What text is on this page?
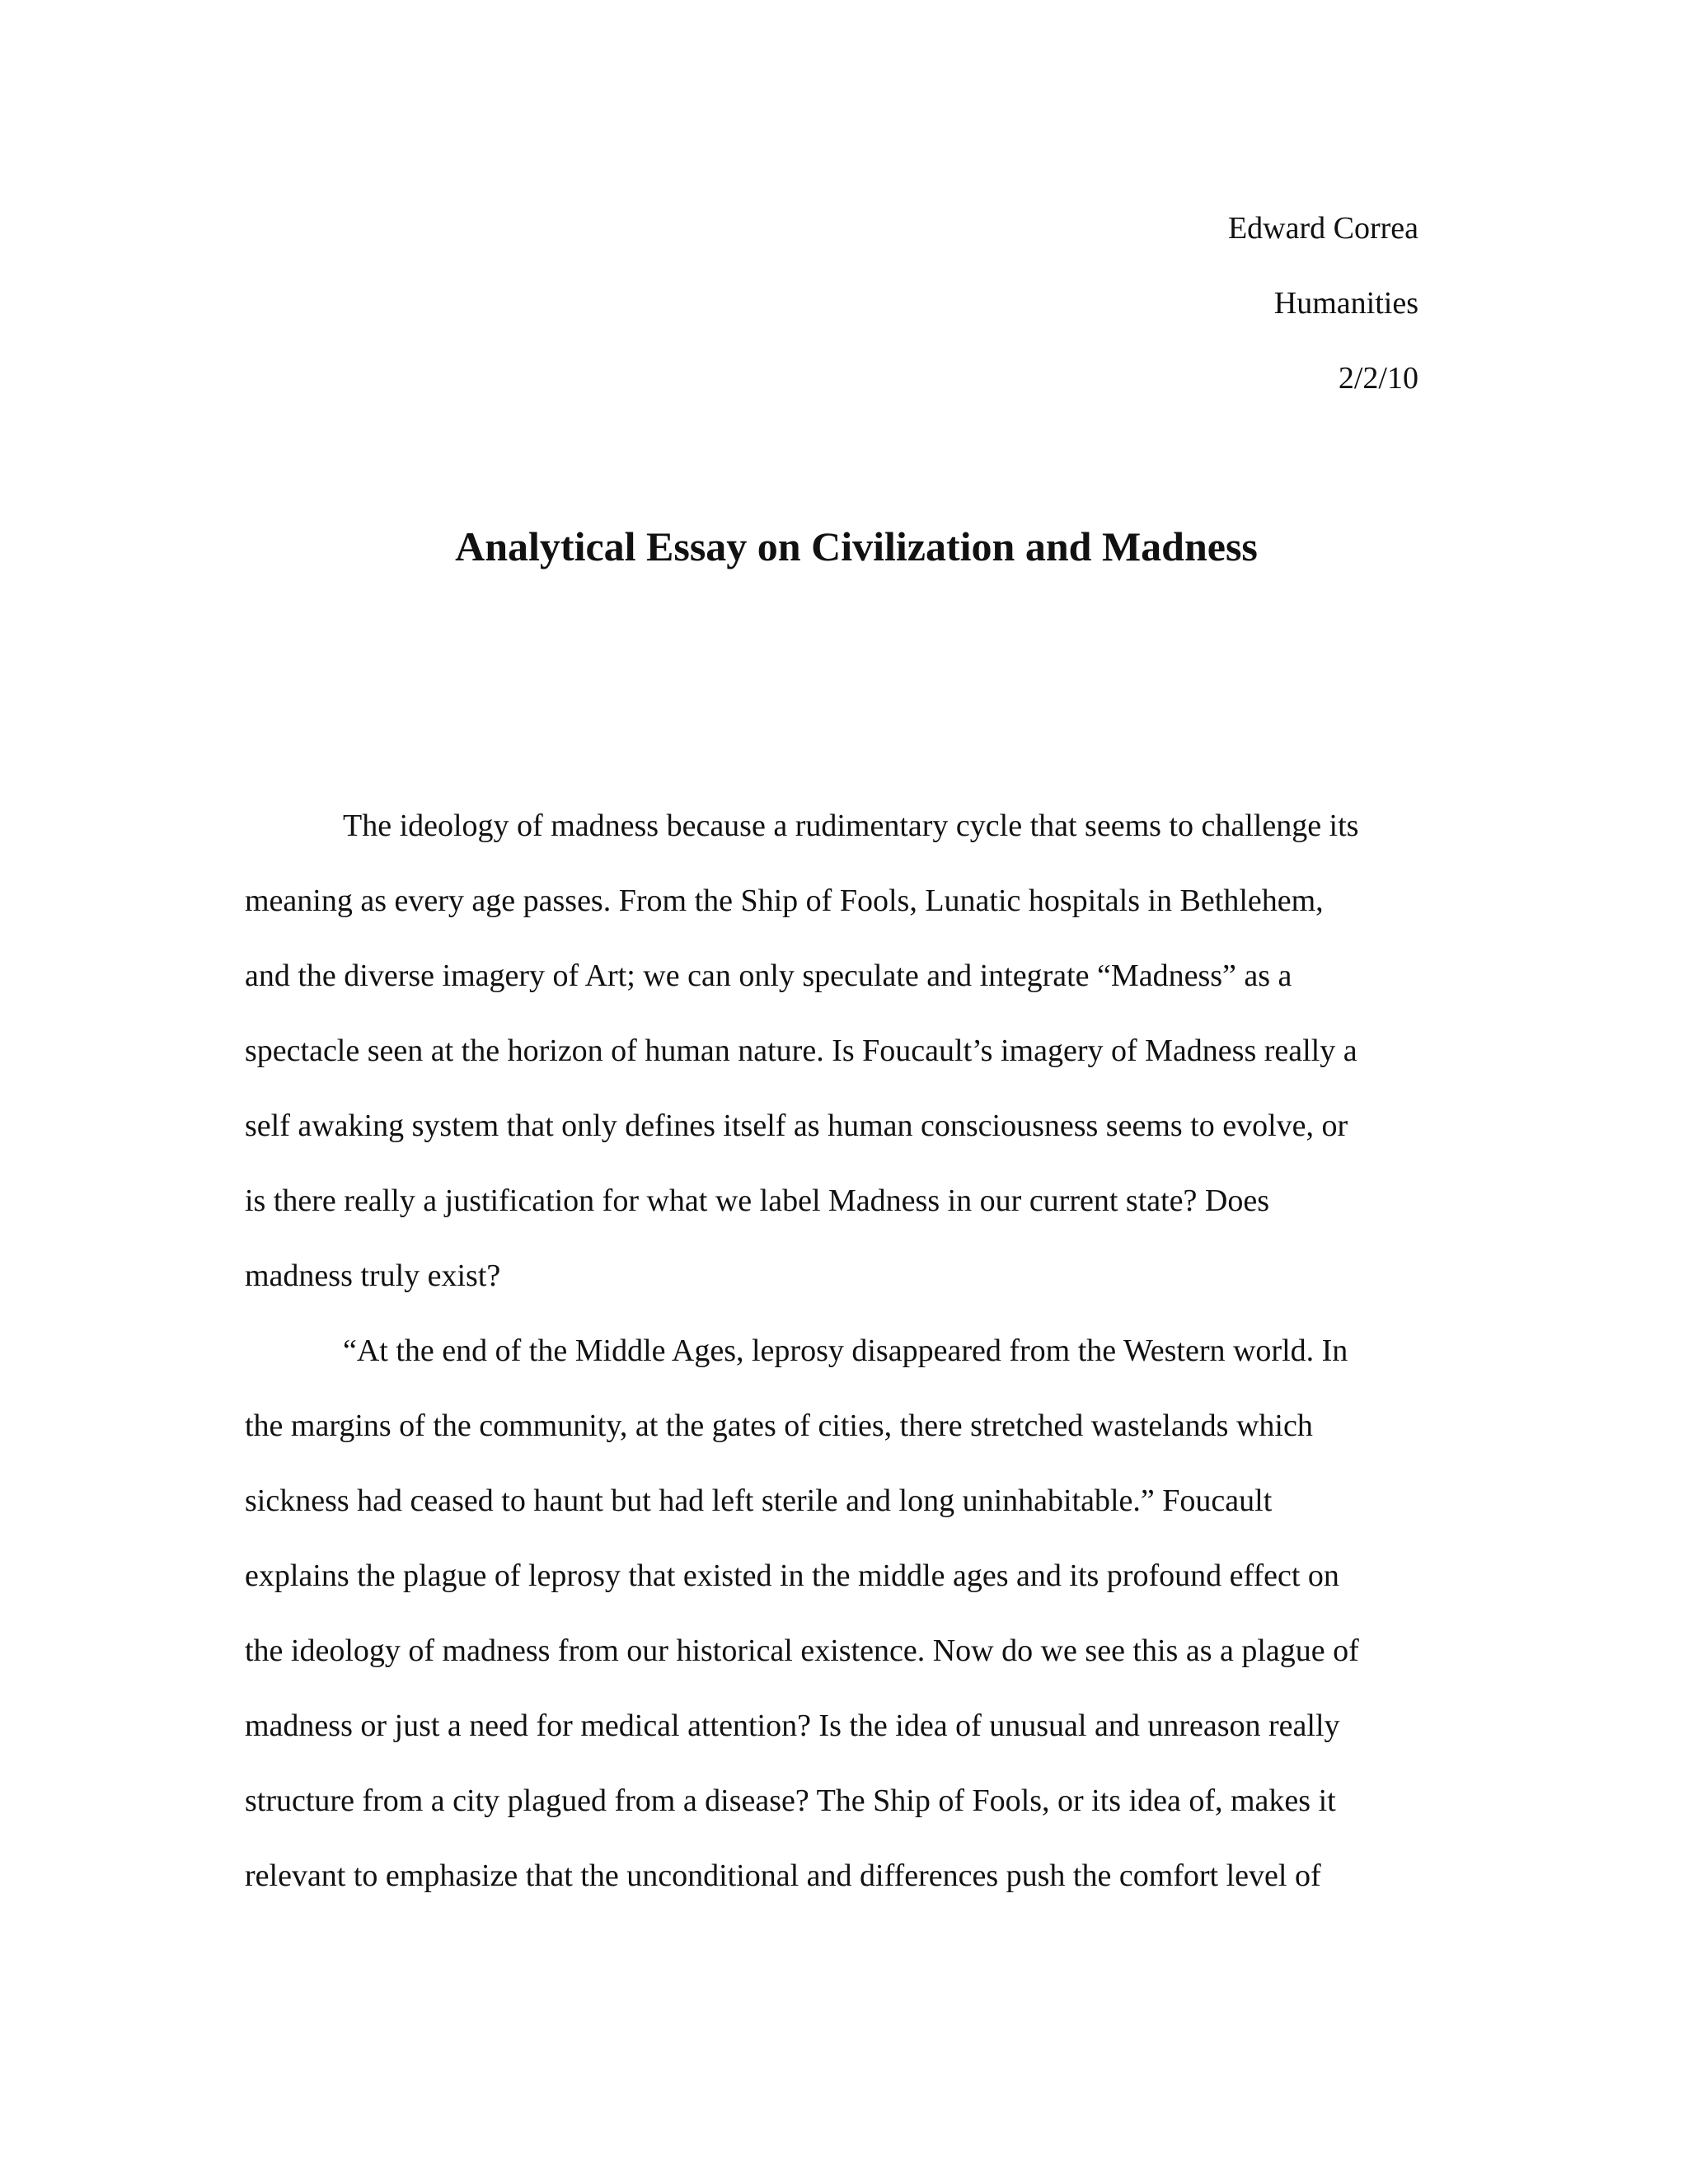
Edward Correa
Humanities
2/2/10
Analytical Essay on Civilization and Madness
The ideology of madness because a rudimentary cycle that seems to challenge its
meaning as every age passes. From the Ship of Fools, Lunatic hospitals in Bethlehem,
and the diverse imagery of Art; we can only speculate and integrate “Madness” as a
spectacle seen at the horizon of human nature. Is Foucault’s imagery of Madness really a
self awaking system that only defines itself as human consciousness seems to evolve, or
is there really a justification for what we label Madness in our current state? Does
madness truly exist?
“At the end of the Middle Ages, leprosy disappeared from the Western world. In
the margins of the community, at the gates of cities, there stretched wastelands which
sickness had ceased to haunt but had left sterile and long uninhabitable.” Foucault
explains the plague of leprosy that existed in the middle ages and its profound effect on
the ideology of madness from our historical existence. Now do we see this as a plague of
madness or just a need for medical attention? Is the idea of unusual and unreason really
structure from a city plagued from a disease? The Ship of Fools, or its idea of, makes it
relevant to emphasize that the unconditional and differences push the comfort level of
